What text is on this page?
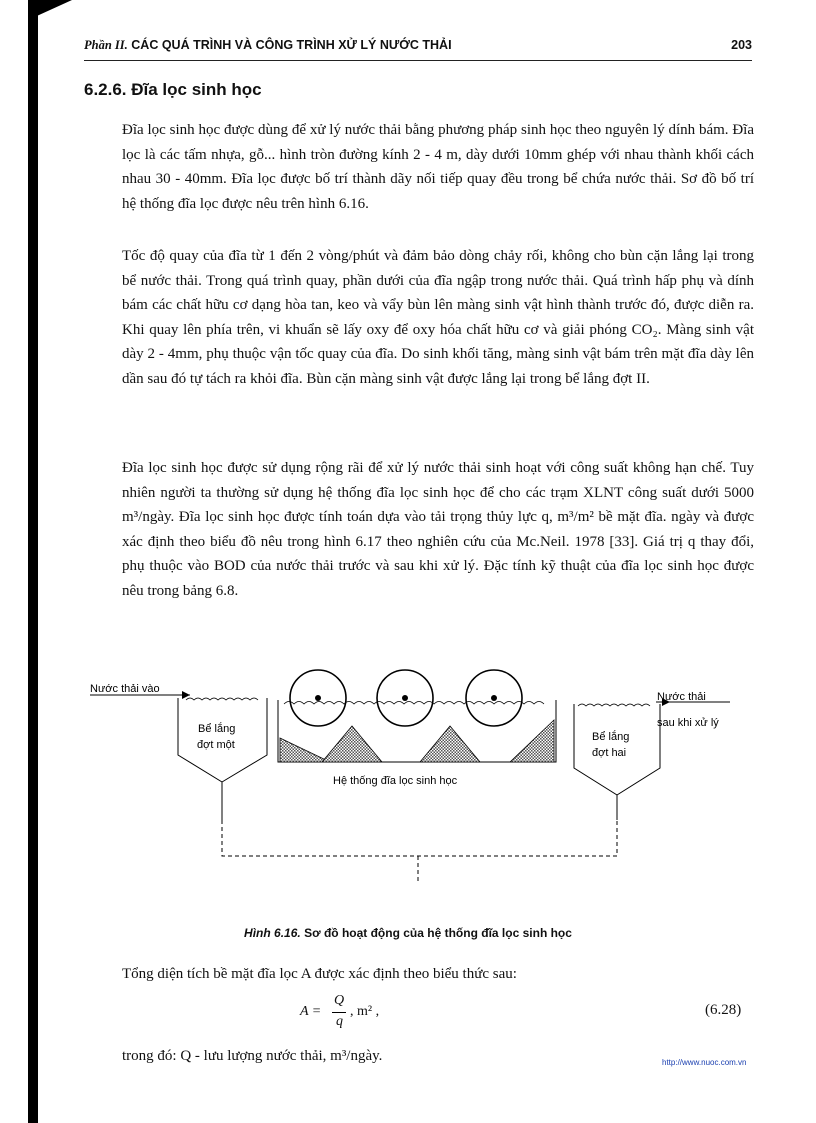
Phần II. CÁC QUÁ TRÌNH VÀ CÔNG TRÌNH XỬ LÝ NƯỚC THẢI	203
6.2.6. Đĩa lọc sinh học

Đĩa lọc sinh học được dùng để xử lý nước thải bằng phương pháp sinh học theo nguyên lý dính bám. Đĩa lọc là các tấm nhựa, gỗ... hình tròn đường kính 2 - 4 m, dày dưới 10mm ghép với nhau thành khối cách nhau 30 - 40mm. Đĩa lọc được bố trí thành dãy nối tiếp quay đều trong bể chứa nước thải. Sơ đồ bố trí hệ thống đĩa lọc được nêu trên hình 6.16.

Tốc độ quay của đĩa từ 1 đến 2 vòng/phút và đảm bảo dòng chảy rối, không cho bùn cặn lắng lại trong bể nước thải. Trong quá trình quay, phần dưới của đĩa ngập trong nước thải. Quá trình hấp phụ và dính bám các chất hữu cơ dạng hòa tan, keo và vẩy bùn lên màng sinh vật hình thành trước đó, được diễn ra. Khi quay lên phía trên, vi khuẩn sẽ lấy oxy để oxy hóa chất hữu cơ và giải phóng CO₂. Màng sinh vật dày 2 - 4mm, phụ thuộc vận tốc quay của đĩa. Do sinh khối tăng, màng sinh vật bám trên mặt đĩa dày lên dần sau đó tự tách ra khỏi đĩa. Bùn cặn màng sinh vật được lắng lại trong bể lắng đợt II.

Đĩa lọc sinh học được sử dụng rộng rãi để xử lý nước thải sinh hoạt với công suất không hạn chế. Tuy nhiên người ta thường sử dụng hệ thống đĩa lọc sinh học để cho các trạm XLNT công suất dưới 5000 m³/ngày. Đĩa lọc sinh học được tính toán dựa vào tải trọng thủy lực q, m³/m² bề mặt đĩa. ngày và được xác định theo biểu đồ nêu trong hình 6.17 theo nghiên cứu của Mc.Neil. 1978 [33]. Giá trị q thay đổi, phụ thuộc vào BOD của nước thải trước và sau khi xử lý. Đặc tính kỹ thuật của đĩa lọc sinh học được nêu trong bảng 6.8.

Nước thải vào
Bể lắng
đợt một
Hệ thống đĩa lọc sinh học
Bể lắng
đợt hai
Nước thải
sau khi xử lý
Hình 6.16. Sơ đồ hoạt động của hệ thống đĩa lọc sinh học
Tổng diện tích bề mặt đĩa lọc A được xác định theo biểu thức sau:
A =
Q
q
, m² ,	(6.28)
trong đó: Q - lưu lượng nước thải, m³/ngày.	http://www.nuoc.com.vn
